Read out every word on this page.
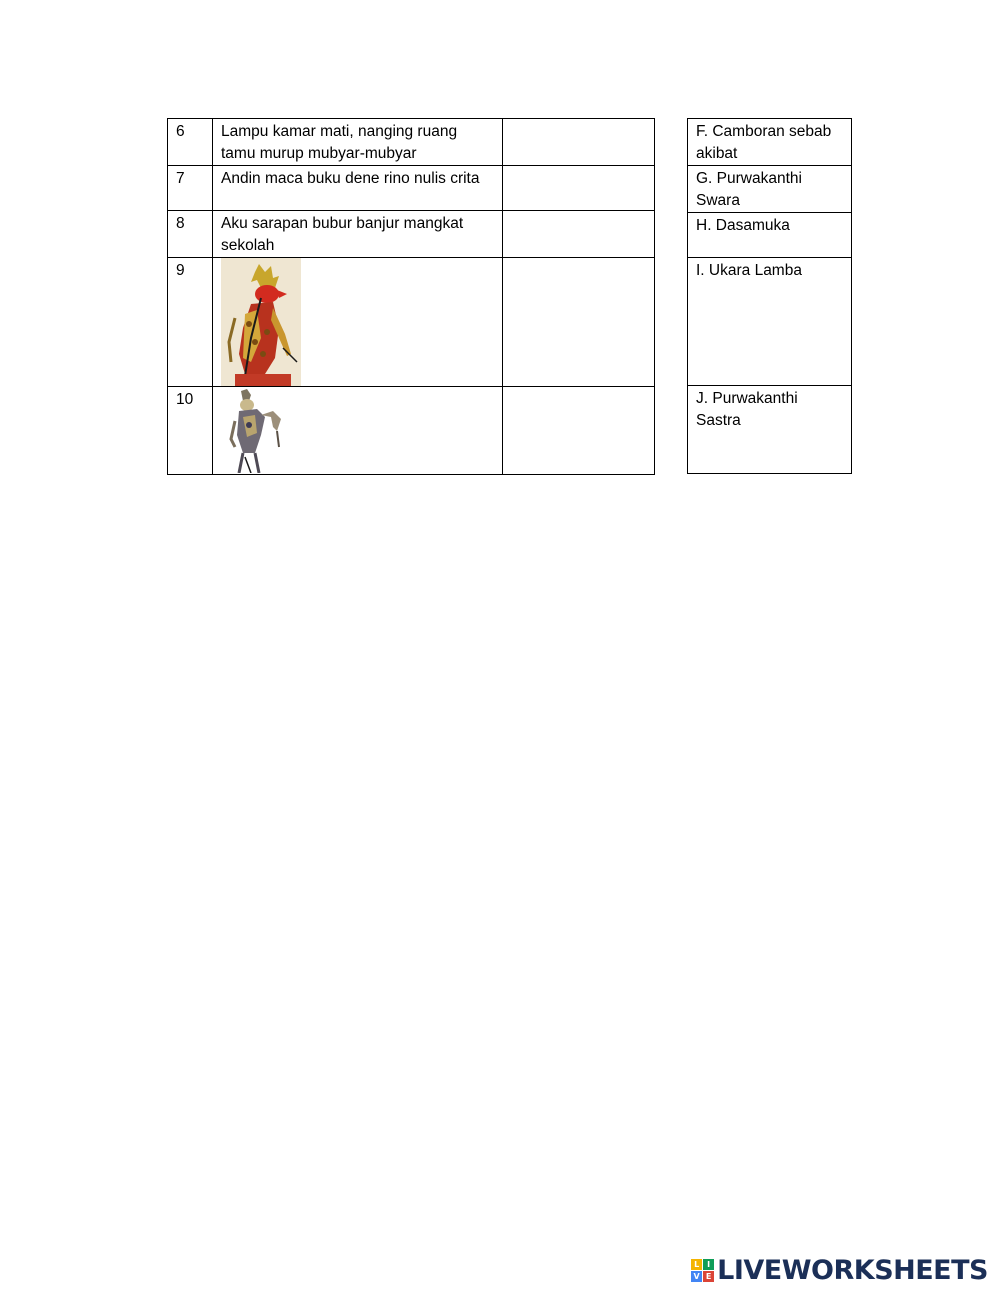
6	Lampu kamar mati, nanging ruang tamu murup mubyar-mubyar	
7	Andin maca buku dene rino nulis crita	
8	Aku sarapan bubur banjur mangkat sekolah	
9	

10	

F. Camboran sebab akibat
G. Purwakanthi Swara
H. Dasamuka
I. Ukara Lamba
J. Purwakanthi Sastra
L I
V E LIVEWORKSHEETS
